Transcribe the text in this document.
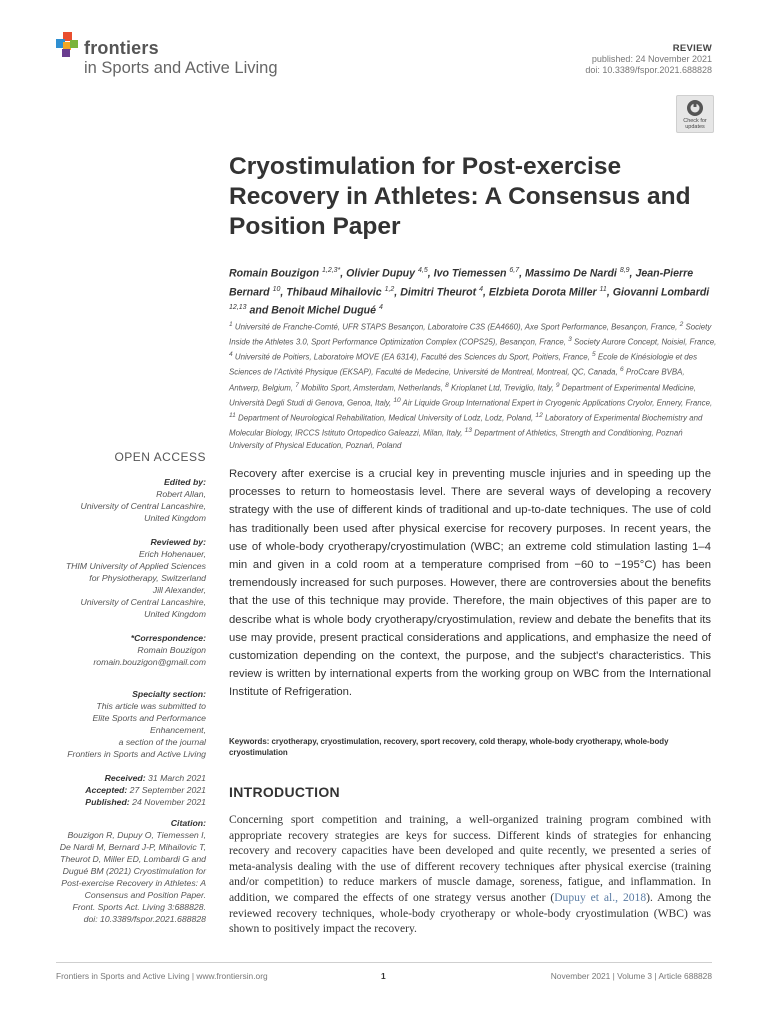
frontiers
in Sports and Active Living
REVIEW
published: 24 November 2021
doi: 10.3389/fspor.2021.688828
Check for updates
Cryostimulation for Post-exercise Recovery in Athletes: A Consensus and Position Paper
Romain Bouzigon $^{1,2,3*}$, Olivier Dupuy $^{4,5}$, Ivo Tiemessen $^{6,7}$, Massimo De Nardi $^{8,9}$, Jean-Pierre Bernard $^{10}$, Thibaud Mihailovic $^{1,2}$, Dimitri Theurot $^4$, Elzbieta Dorota Miller $^{11}$, Giovanni Lombardi $^{12,13}$ and Benoit Michel Dugué $^4$
$^1$ Université de Franche-Comté, UFR STAPS Besançon, Laboratoire C3S (EA4660), Axe Sport Performance, Besançon, France, $^2$ Society Inside the Athletes 3.0, Sport Performance Optimization Complex (COPS25), Besançon, France, $^3$ Society Aurore Concept, Noisiel, France, $^4$ Université de Poitiers, Laboratoire MOVE (EA 6314), Faculté des Sciences du Sport, Poitiers, France, $^5$ Ecole de Kinésiologie et des Sciences de l'Activité Physique (EKSAP), Faculté de Medecine, Université de Montreal, Montreal, QC, Canada, $^6$ ProCcare BVBA, Antwerp, Belgium, $^7$ Mobilito Sport, Amsterdam, Netherlands, $^8$ Krioplanet Ltd, Treviglio, Italy, $^9$ Department of Experimental Medicine, Università Degli Studi di Genova, Genoa, Italy, $^{10}$ Air Liquide Group International Expert in Cryogenic Applications Cryolor, Ennery, France, $^{11}$ Department of Neurological Rehabilitation, Medical University of Lodz, Lodz, Poland, $^{12}$ Laboratory of Experimental Biochemistry and Molecular Biology, IRCCS Istituto Ortopedico Galeazzi, Milan, Italy, $^{13}$ Department of Athletics, Strength and Conditioning, Poznań University of Physical Education, Poznań, Poland
OPEN ACCESS

Edited by:

Robert Allan,

University of Central Lancashire,

United Kingdom

Reviewed by:

Erich Hohenauer,

THIM University of Applied Sciences

for Physiotherapy, Switzerland

Jill Alexander,

University of Central Lancashire,

United Kingdom

*Correspondence:

Romain Bouzigon

romain.bouzigon@gmail.com

Specialty section:

This article was submitted to

Elite Sports and Performance

Enhancement,

a section of the journal

Frontiers in Sports and Active Living

Received: 31 March 2021

Accepted: 27 September 2021

Published: 24 November 2021

Citation:

Bouzigon R, Dupuy O, Tiemessen I,

De Nardi M, Bernard J-P, Mihailovic T,

Theurot D, Miller ED, Lombardi G and

Dugué BM (2021) Cryostimulation for

Post-exercise Recovery in Athletes: A

Consensus and Position Paper.

Front. Sports Act. Living 3:688828.

doi: 10.3389/fspor.2021.688828

Recovery after exercise is a crucial key in preventing muscle injuries and in speeding up the processes to return to homeostasis level. There are several ways of developing a recovery strategy with the use of different kinds of traditional and up-to-date techniques. The use of cold has traditionally been used after physical exercise for recovery purposes. In recent years, the use of whole-body cryotherapy/cryostimulation (WBC; an extreme cold stimulation lasting 1–4 min and given in a cold room at a temperature comprised from −60 to −195°C) has been tremendously increased for such purposes. However, there are controversies about the benefits that the use of this technique may provide. Therefore, the main objectives of this paper are to describe what is whole body cryotherapy/cryostimulation, review and debate the benefits that its use may provide, present practical considerations and applications, and emphasize the need of customization depending on the context, the purpose, and the subject's characteristics. This review is written by international experts from the working group on WBC from the International Institute of Refrigeration.

Keywords: cryotherapy, cryostimulation, recovery, sport recovery, cold therapy, whole-body cryotherapy, whole-body cryostimulation
INTRODUCTION

Concerning sport competition and training, a well-organized training program combined with appropriate recovery strategies are keys for success. Different kinds of strategies for enhancing recovery and recovery capacities have been developed and quite recently, we presented a series of meta-analysis dealing with the use of different recovery techniques after physical exercise (training and/or competition) to reduce markers of muscle damage, soreness, fatigue, and inflammation. In addition, we compared the effects of one strategy versus another (Dupuy et al., 2018). Among the reviewed recovery techniques, whole-body cryotherapy or whole-body cryostimulation (WBC) was shown to positively impact the recovery.

Frontiers in Sports and Active Living | www.frontiersin.org	1	November 2021 | Volume 3 | Article 688828
